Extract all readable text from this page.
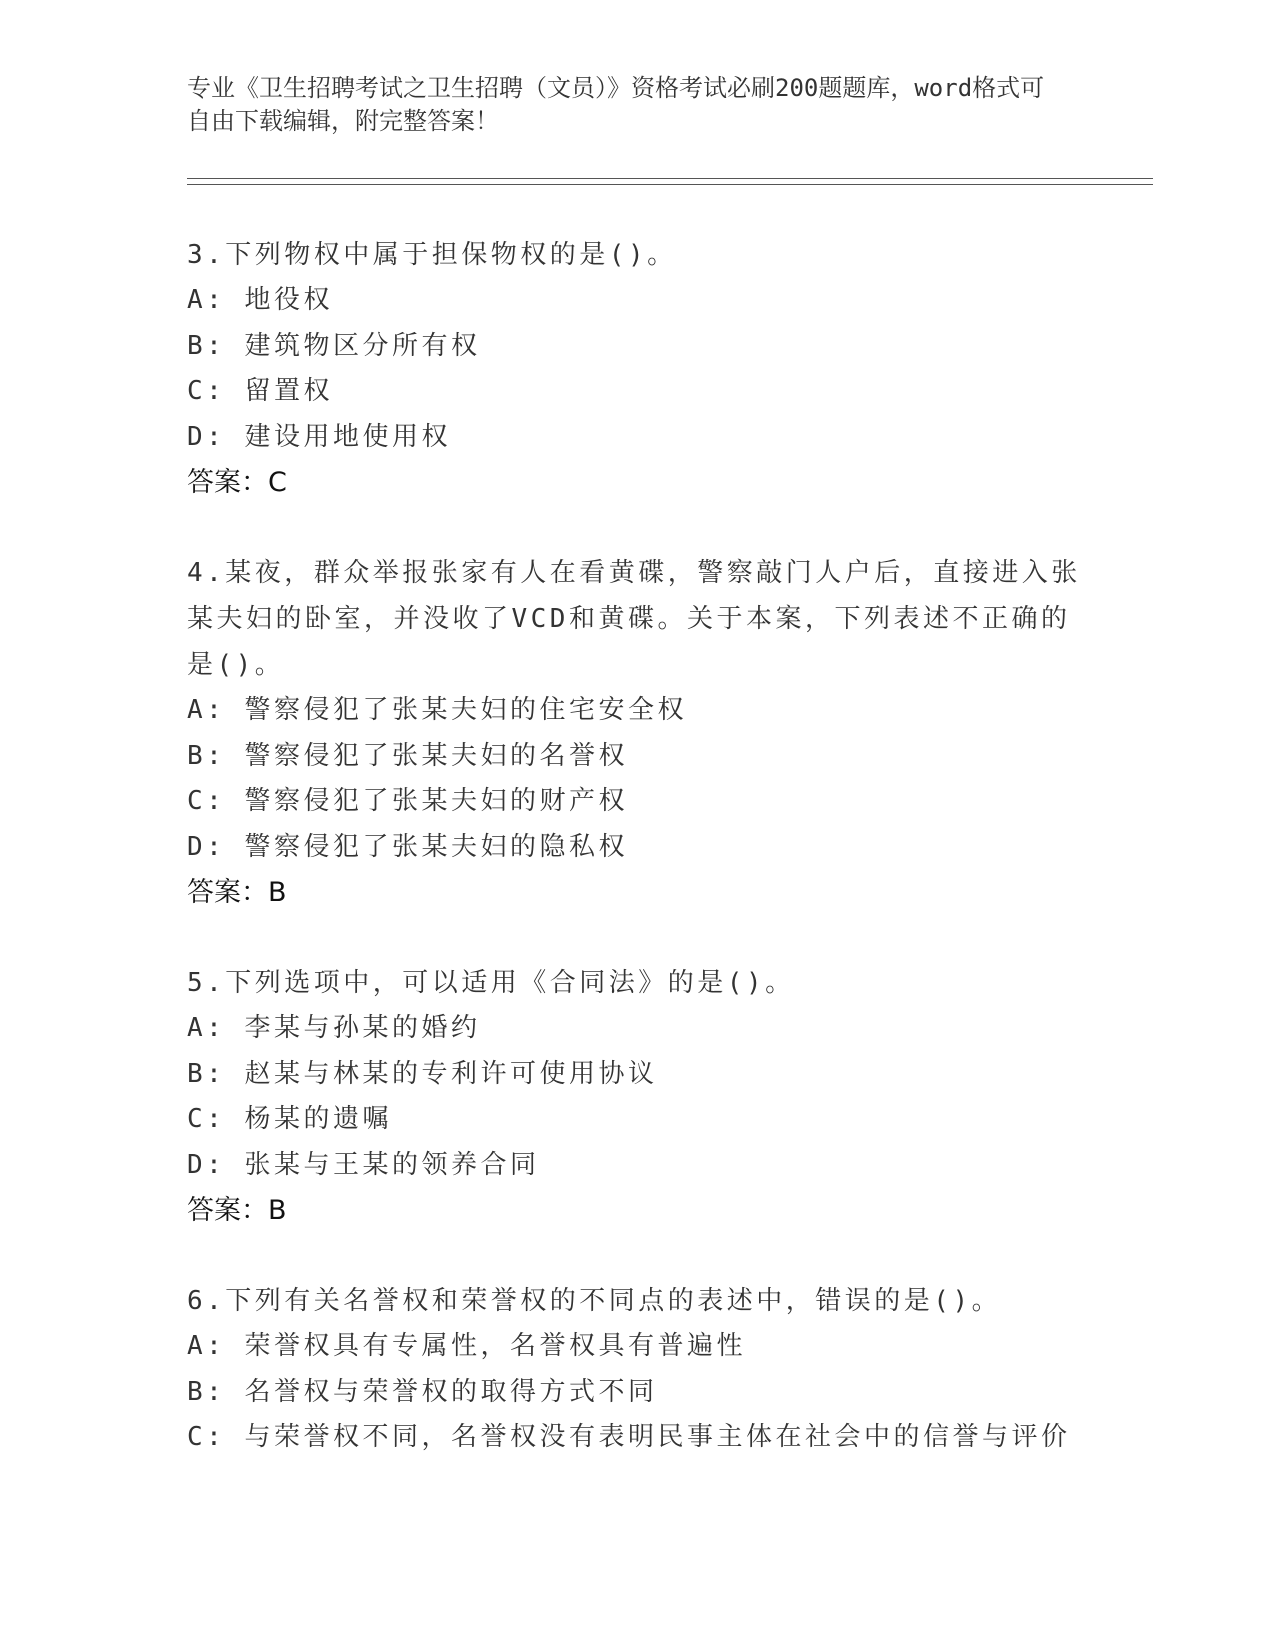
专业《卫生招聘考试之卫生招聘（文员）》资格考试必刷200题题库，word格式可自由下载编辑，附完整答案！

3.下列物权中属于担保物权的是()。

A: 地役权

B: 建筑物区分所有权

C: 留置权

D: 建设用地使用权

答案：C

4.某夜，群众举报张家有人在看黄碟，警察敲门人户后，直接进入张某夫妇的卧室，并没收了VCD和黄碟。关于本案，下列表述不正确的是()。

A: 警察侵犯了张某夫妇的住宅安全权

B: 警察侵犯了张某夫妇的名誉权

C: 警察侵犯了张某夫妇的财产权

D: 警察侵犯了张某夫妇的隐私权

答案：B

5.下列选项中，可以适用《合同法》的是()。

A: 李某与孙某的婚约

B: 赵某与林某的专利许可使用协议

C: 杨某的遗嘱

D: 张某与王某的领养合同

答案：B

6.下列有关名誉权和荣誉权的不同点的表述中，错误的是()。

A: 荣誉权具有专属性，名誉权具有普遍性

B: 名誉权与荣誉权的取得方式不同

C: 与荣誉权不同，名誉权没有表明民事主体在社会中的信誉与评价
